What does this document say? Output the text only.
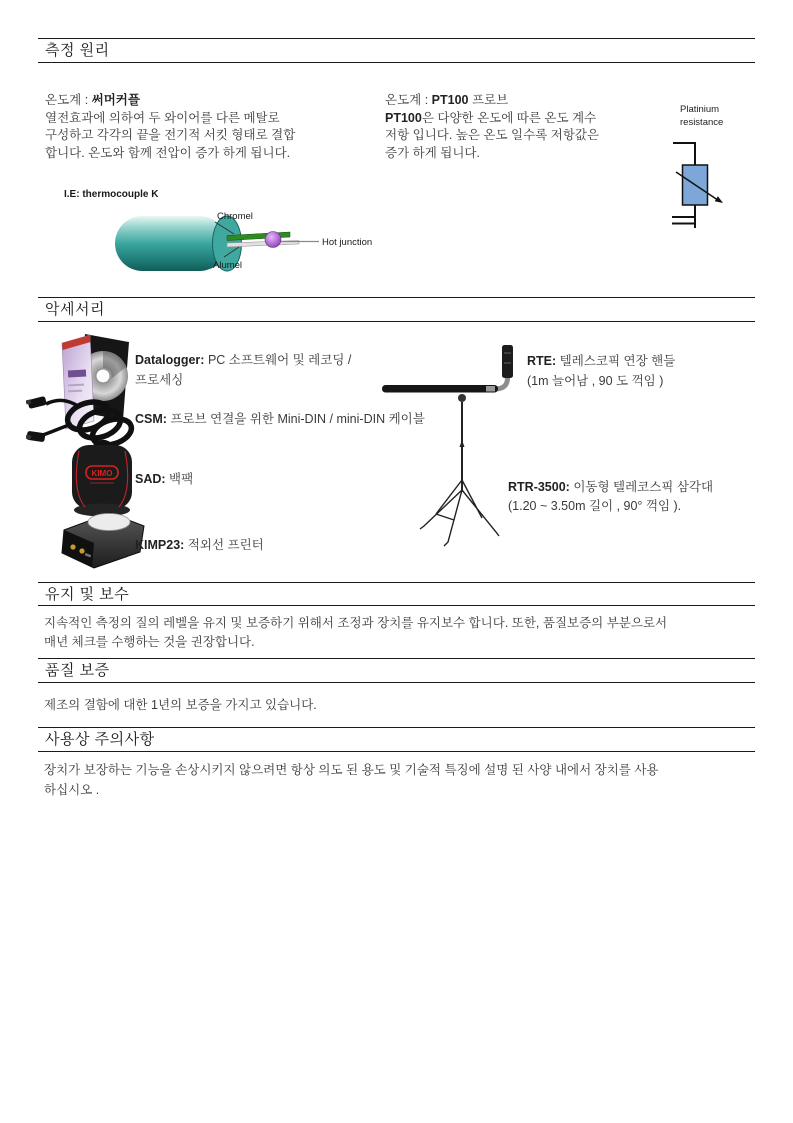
측정 원리
온도계 : 써머커플
열전효과에 의하여 두 와이어를 다른 메탈로
구성하고 각각의 끝을 전기적 서킷 형태로 결합
합니다. 온도와 함께 전압이 증가 하게 됩니다.
온도계 : PT100 프로브
PT100은 다양한 온도에 따른 온도 계수
저항 입니다. 높은 온도 일수록 저항값은
증가 하게 됩니다.
I.E: thermocouple K
Chromel
Hot junction
Alumel
Platinium
resistance
악세서리
Datalogger: PC 소프트웨어 및 레코딩 /
프로세싱
CSM: 프로브 연결을 위한 Mini-DIN / mini-DIN 케이블
KIMO SAD: 백팩
KIMP23: 적외선 프린터
RTE: 텔레스코픽 연장 핸들
(1m 늘어남 , 90 도 꺽임 )
RTR-3500: 이동형 텔레코스픽 삼각대
(1.20 ~ 3.50m 길이 , 90° 꺽임 ).
유지 및 보수
지속적인 측정의 질의 레벨을 유지 및 보증하기 위해서 조정과 장치를 유지보수 합니다. 또한, 품질보증의 부분으로서
매년 체크를 수행하는 것을 권장합니다.
품질 보증
제조의 결함에 대한 1년의 보증을 가지고 있습니다.
사용상 주의사항
장치가 보장하는 기능을 손상시키지 않으려면 항상 의도 된 용도 및 기술적 특징에 설명 된 사양 내에서 장치를 사용
하십시오 .
